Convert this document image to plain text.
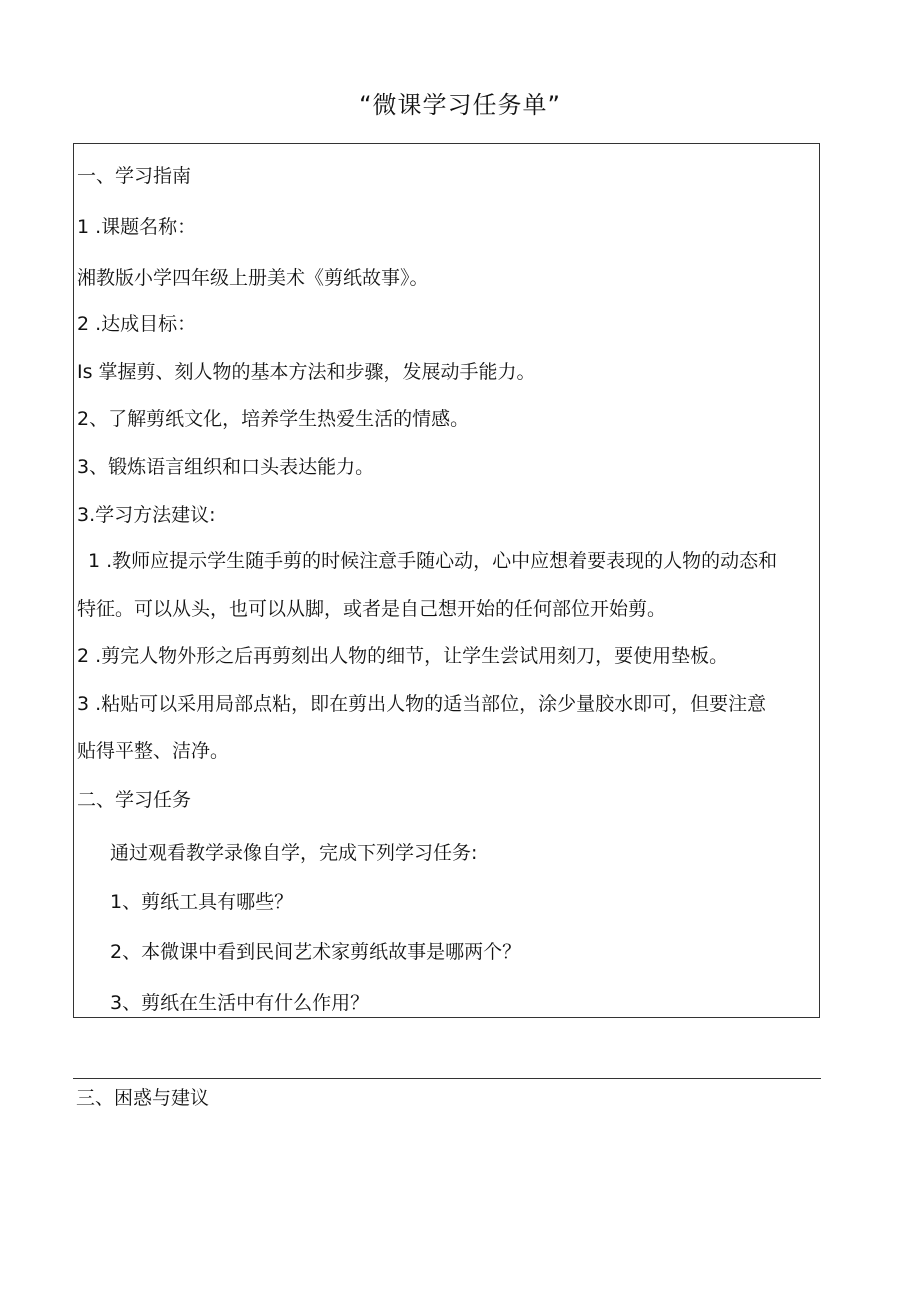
“微课学习任务单”
一、学习指南
1 .课题名称：
湘教版小学四年级上册美术《剪纸故事》。
2 .达成目标：
Is 掌握剪、刻人物的基本方法和步骤，发展动手能力。
2、了解剪纸文化，培养学生热爱生活的情感。
3、锻炼语言组织和口头表达能力。
3.学习方法建议:
1 .教师应提示学生随手剪的时候注意手随心动，心中应想着要表现的人物的动态和
特征。可以从头，也可以从脚，或者是自己想开始的任何部位开始剪。
2 .剪完人物外形之后再剪刻出人物的细节，让学生尝试用刻刀，要使用垫板。
3 .粘贴可以采用局部点粘，即在剪出人物的适当部位，涂少量胶水即可，但要注意
贴得平整、洁净。
二、学习任务
通过观看教学录像自学，完成下列学习任务:
1、剪纸工具有哪些？
2、本微课中看到民间艺术家剪纸故事是哪两个？
3、剪纸在生活中有什么作用？
三、困惑与建议
